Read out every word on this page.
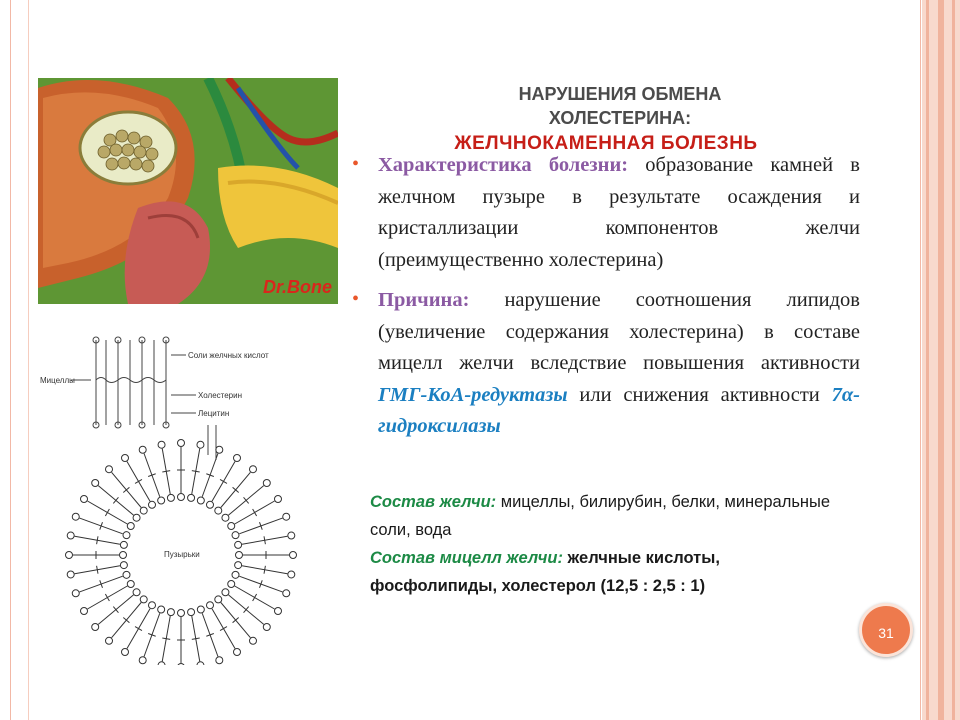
Dr.Bone
Соли желчных кислот
Мицеллы
Холестерин
Лецитин
Пузырьки
НАРУШЕНИЯ ОБМЕНА ХОЛЕСТЕРИНА:
ЖЕЛЧНОКАМЕННАЯ БОЛЕЗНЬ

• Характеристика болезни: образование камней в желчном пузыре в результате осаждения и кристаллизации компонентов желчи (преимущественно холестерина)

• Причина: нарушение соотношения липидов (увеличение содержания холестерина) в составе мицелл желчи вследствие повышения активности ГМГ-КоА-редуктазы или снижения активности 7α-гидроксилазы

Состав желчи: мицеллы, билирубин, белки, минеральные соли, вода
Состав мицелл желчи: желчные кислоты, фосфолипиды, холестерол (12,5 : 2,5 : 1)
31
